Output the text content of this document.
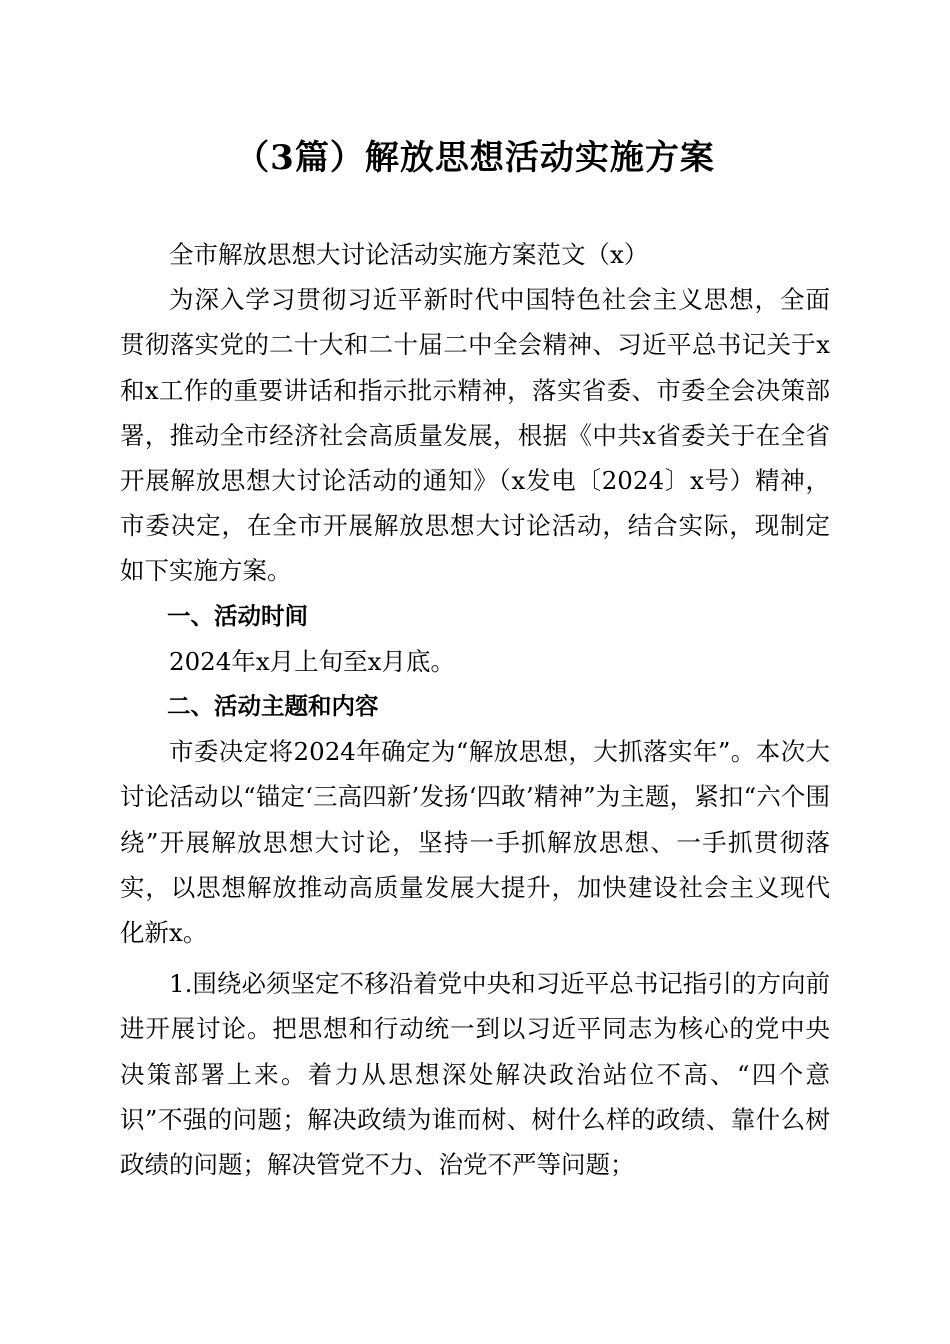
（3篇）解放思想活动实施方案

全市解放思想大讨论活动实施方案范文（x）

为深入学习贯彻习近平新时代中国特色社会主义思想，全面贯彻落实党的二十大和二十届二中全会精神、习近平总书记关于x和x工作的重要讲话和指示批示精神，落实省委、市委全会决策部署，推动全市经济社会高质量发展，根据《中共x省委关于在全省开展解放思想大讨论活动的通知》（x发电〔2024〕x号）精神，市委决定，在全市开展解放思想大讨论活动，结合实际，现制定如下实施方案。

一、活动时间

2024年x月上旬至x月底。

二、活动主题和内容

市委决定将2024年确定为“解放思想，大抓落实年”。本次大讨论活动以“锚定‘三高四新’发扬‘四敢’精神”为主题，紧扣“六个围绕”开展解放思想大讨论，坚持一手抓解放思想、一手抓贯彻落实，以思想解放推动高质量发展大提升，加快建设社会主义现代化新x。

1.围绕必须坚定不移沿着党中央和习近平总书记指引的方向前进开展讨论。把思想和行动统一到以习近平同志为核心的党中央决策部署上来。着力从思想深处解决政治站位不高、“四个意识”不强的问题；解决政绩为谁而树、树什么样的政绩、靠什么树政绩的问题；解决管党不力、治党不严等问题；
